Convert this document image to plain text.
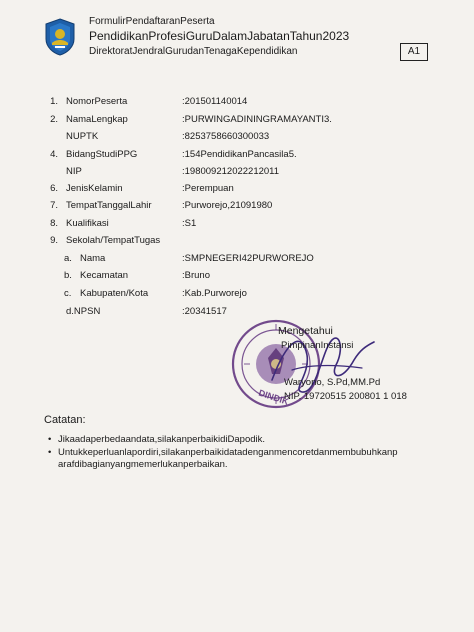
FormulirPendaftaranPeserta
PendidikanProfesiGuruDalamJabatanTahun2023
DirektoratJendralGurudanTenagaKependidikan	A1
1. NomorPeserta	:201501140014
2. NamaLengkap	:PURWINGADININGRAMAYANTI3.
NUPTK	:8253758660300033
4. BidangStudiPPG	:154PendidikanPancasila5.
NIP	:198009212022212011
6. JenisKelamin	:Perempuan
7. TempatTanggalLahir	:Purworejo,21091980
8. Kualifikasi	:S1
9. Sekolah/TempatTugas
a. Nama	:SMPNEGERI42PURWOREJO
b. Kecamatan	:Bruno
c. Kabupaten/Kota	:Kab.Purworejo
d.NPSN	:20341517
DINDIK
Mengetahui
PimpinanInstansi
Waryono, S.Pd,MM.Pd
NIP. 19720515 200801 1 018
Catatan:
• Jikaadaperbedaandata,silakanperbaikidiDapodik.
• Untukkeperluanlapordiri,silakanperbaikidatadenganmencoretdanmembubuhkanp arafdibagianyangmemerlukanperbaikan.
